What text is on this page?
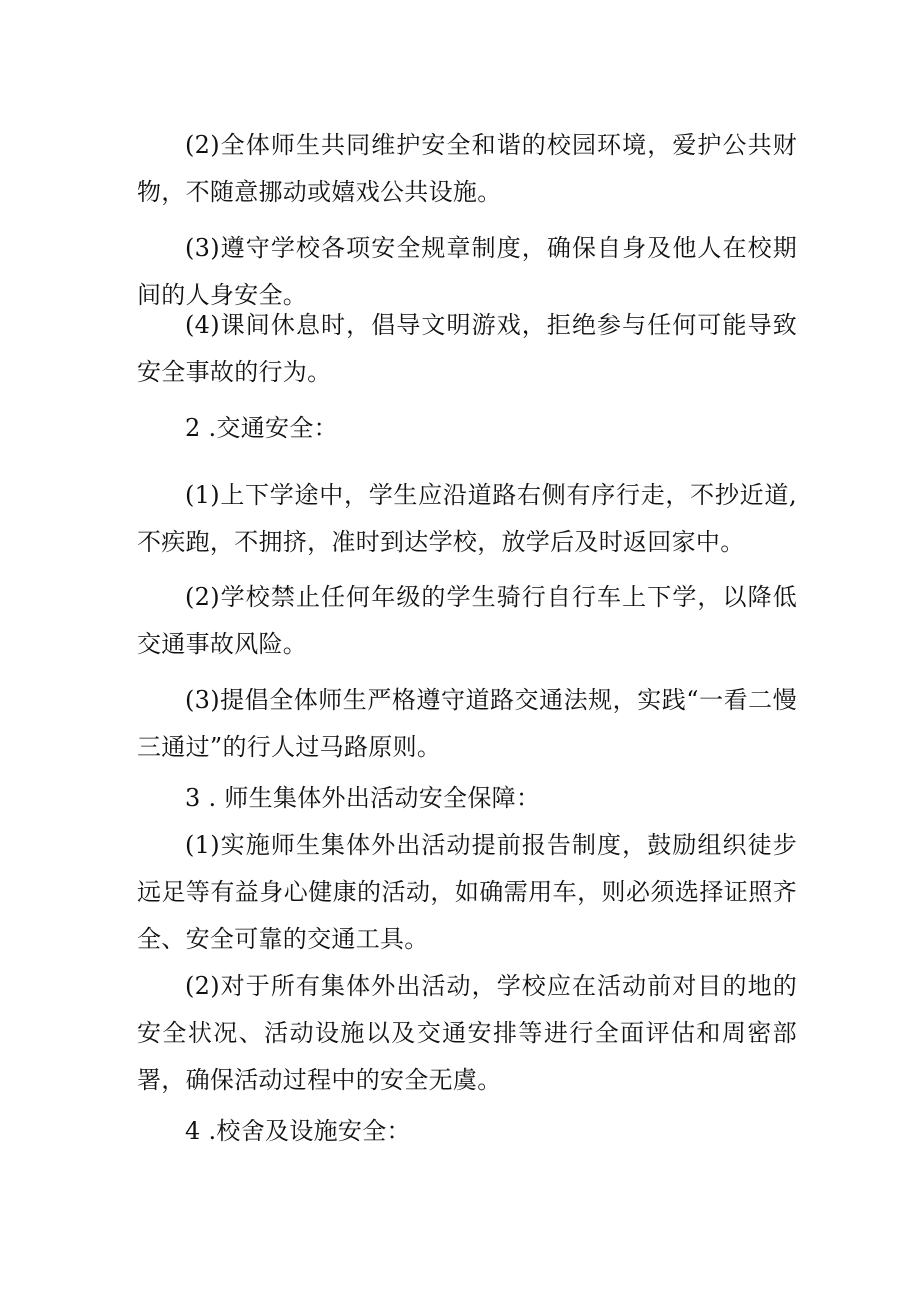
(2)全体师生共同维护安全和谐的校园环境，爱护公共财物，不随意挪动或嬉戏公共设施。

(3)遵守学校各项安全规章制度，确保自身及他人在校期间的人身安全。

(4)课间休息时，倡导文明游戏，拒绝参与任何可能导致安全事故的行为。

2 .交通安全：

(1)上下学途中，学生应沿道路右侧有序行走，不抄近道, 不疾跑，不拥挤，准时到达学校，放学后及时返回家中。

(2)学校禁止任何年级的学生骑行自行车上下学，以降低交通事故风险。

(3)提倡全体师生严格遵守道路交通法规，实践“一看二慢三通过”的行人过马路原则。

3 . 师生集体外出活动安全保障：

(1)实施师生集体外出活动提前报告制度，鼓励组织徒步远足等有益身心健康的活动，如确需用车，则必须选择证照齐全、安全可靠的交通工具。

(2)对于所有集体外出活动，学校应在活动前对目的地的安全状况、活动设施以及交通安排等进行全面评估和周密部署，确保活动过程中的安全无虞。

4 .校舍及设施安全：
